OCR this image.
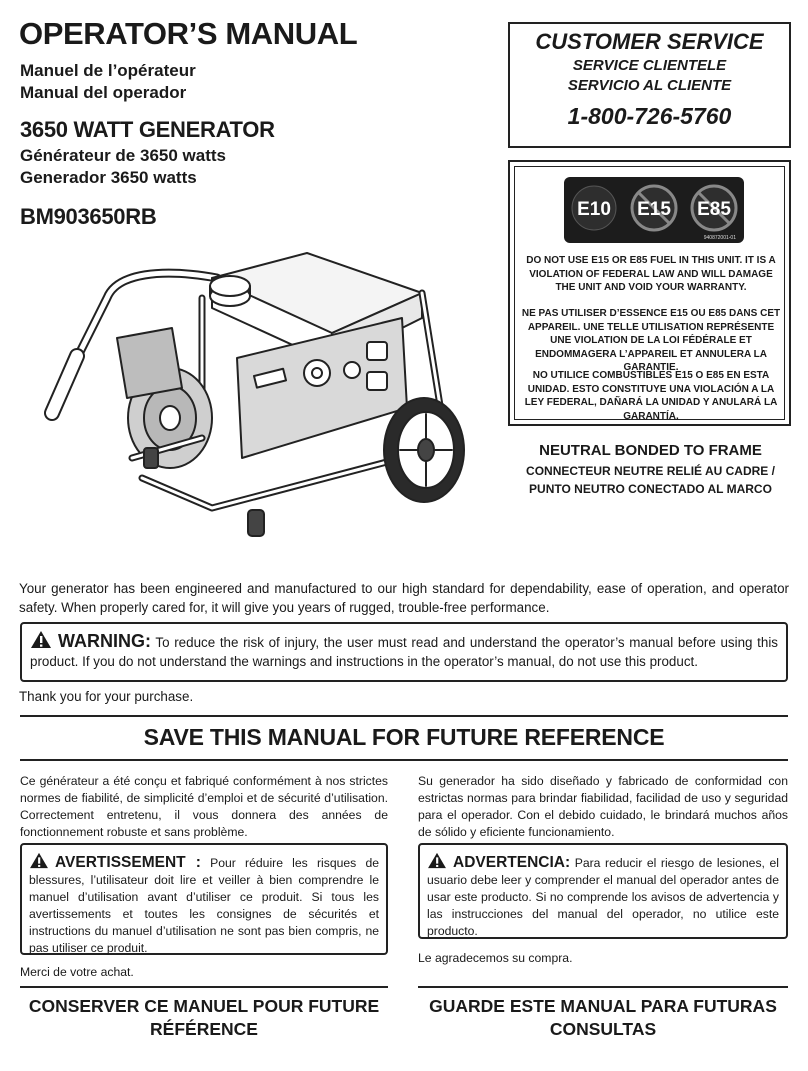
OPERATOR’S MANUAL
Manuel de l’opérateur
Manual del operador
3650 WATT GENERATOR
Générateur de 3650 watts
Generador 3650 watts
BM903650RB
CUSTOMER SERVICE
SERVICE CLIENTELE
SERVICIO AL CLIENTE
1-800-726-5760
E10 E15 E85
940872001-01
DO NOT USE E15 OR E85 FUEL IN THIS UNIT. IT IS A VIOLATION OF FEDERAL LAW AND WILL DAMAGE THE UNIT AND VOID YOUR WARRANTY.
NE PAS UTILISER D’ESSENCE E15 OU E85 DANS CET APPAREIL. UNE TELLE UTILISATION REPRÉSENTE UNE VIOLATION DE LA LOI FÉDÉRALE ET ENDOMMAGERA L’APPAREIL ET ANNULERA LA GARANTIE.
NO UTILICE COMBUSTIBLES E15 O E85 EN ESTA UNIDAD. ESTO CONSTITUYE UNA VIOLACIÓN A LA LEY FEDERAL, DAÑARÁ LA UNIDAD Y ANULARÁ LA GARANTÍA.
NEUTRAL BONDED TO FRAME
CONNECTEUR NEUTRE RELIÉ AU CADRE /
PUNTO NEUTRO CONECTADO AL MARCO
Your generator has been engineered and manufactured to our high standard for dependability, ease of operation, and operator safety. When properly cared for, it will give you years of rugged, trouble-free performance.
WARNING: To reduce the risk of injury, the user must read and understand the operator’s manual before using this product. If you do not understand the warnings and instructions in the operator’s manual, do not use this product.
Thank you for your purchase.
SAVE THIS MANUAL FOR FUTURE REFERENCE
Ce générateur a été conçu et fabriqué conformément à nos strictes normes de fiabilité, de simplicité d’emploi et de sécurité d’utilisation. Correctement entretenu, il vous donnera des années de fonctionnement robuste et sans problème.
AVERTISSEMENT : Pour réduire les risques de blessures, l’utilisateur doit lire et veiller à bien comprendre le manuel d’utilisation avant d’utiliser ce produit. Si tous les avertissements et toutes les consignes de sécurités et instructions du manuel d’utilisation ne sont pas bien compris, ne pas utiliser ce produit.
Merci de votre achat.
CONSERVER CE MANUEL POUR FUTURE RÉFÉRENCE
Su generador ha sido diseñado y fabricado de conformidad con estrictas normas para brindar fiabilidad, facilidad de uso y seguridad para el operador. Con el debido cuidado, le brindará muchos años de sólido y eficiente funcionamiento.
ADVERTENCIA: Para reducir el riesgo de lesiones, el usuario debe leer y comprender el manual del operador antes de usar este producto. Si no comprende los avisos de advertencia y las instrucciones del manual del operador, no utilice este producto.
Le agradecemos su compra.
GUARDE ESTE MANUAL PARA FUTURAS CONSULTAS
